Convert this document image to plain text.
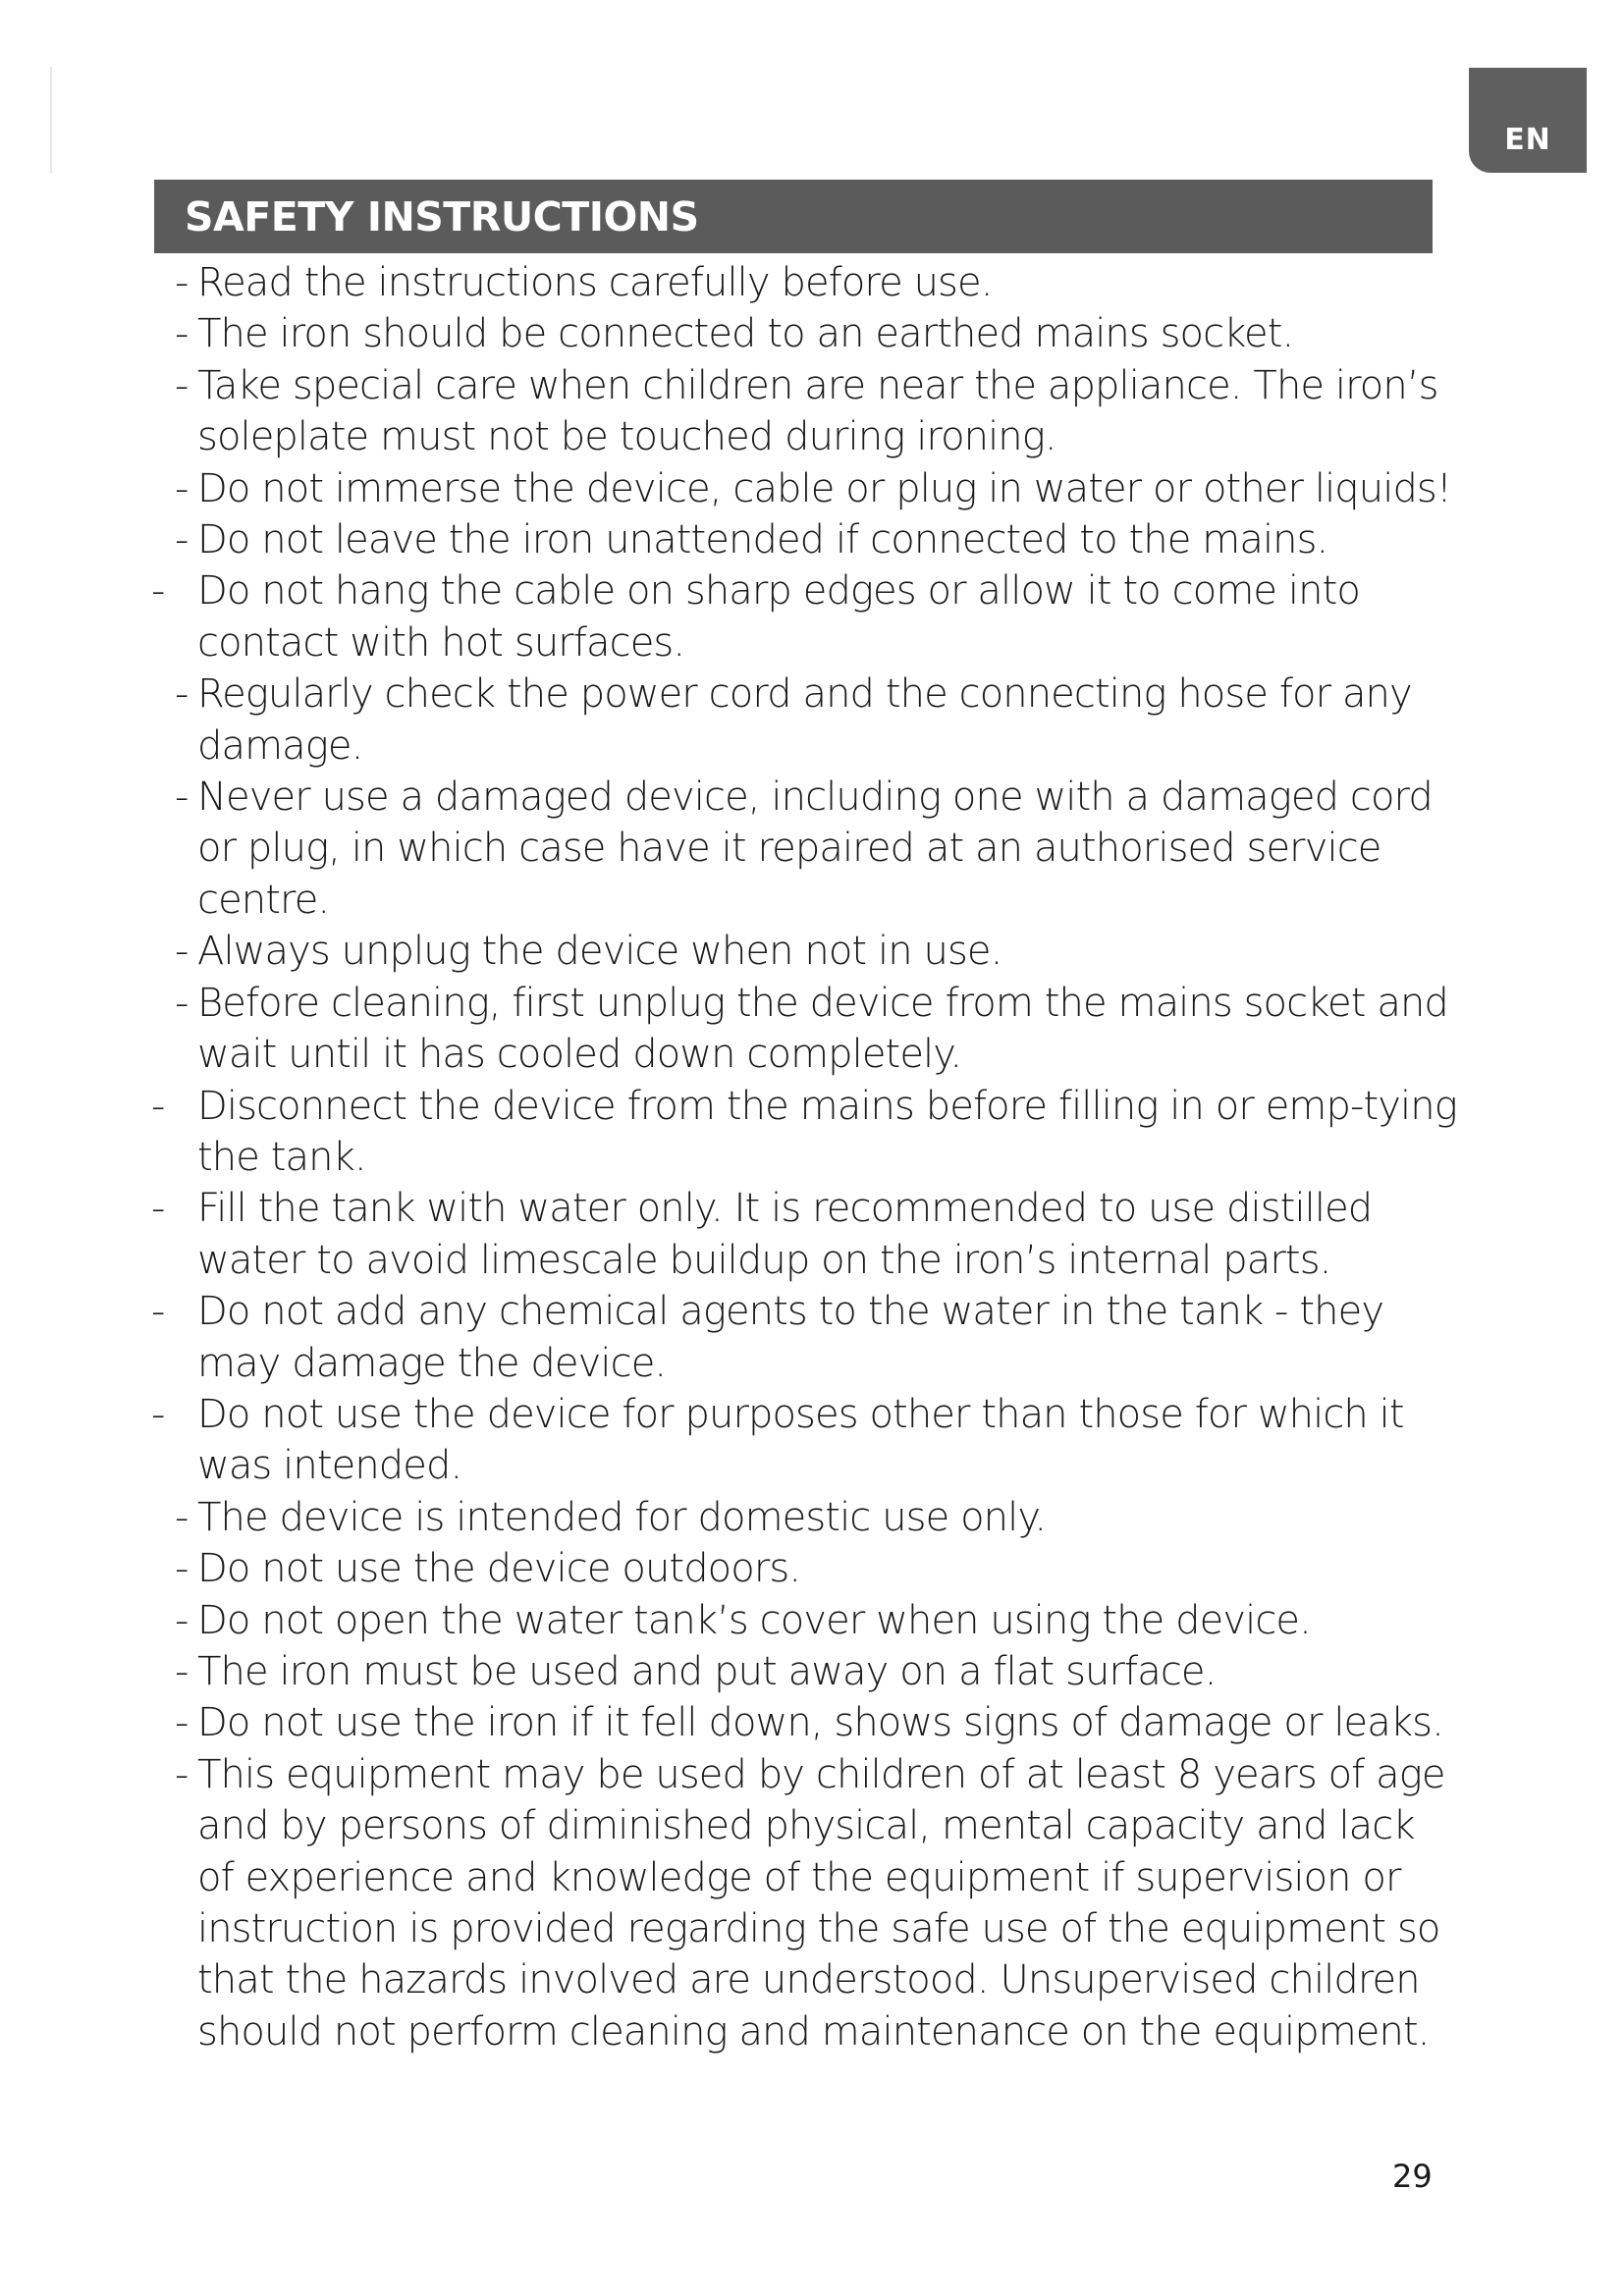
EN
SAFETY INSTRUCTIONS
- Read the instructions carefully before use.
- The iron should be connected to an earthed mains socket.
- Take special care when children are near the appliance. The iron’s soleplate must not be touched during ironing.
- Do not immerse the device, cable or plug in water or other liquids!
- Do not leave the iron unattended if connected to the mains.
- Do not hang the cable on sharp edges or allow it to come into contact with hot surfaces.
- Regularly check the power cord and the connecting hose for any damage.
- Never use a damaged device, including one with a damaged cord or plug, in which case have it repaired at an authorised service centre.
- Always unplug the device when not in use.
- Before cleaning, first unplug the device from the mains socket and wait until it has cooled down completely.
- Disconnect the device from the mains before filling in or emp-tying the tank.
- Fill the tank with water only. It is recommended to use distilled water to avoid limescale buildup on the iron’s internal parts.
- Do not add any chemical agents to the water in the tank - they may damage the device.
- Do not use the device for purposes other than those for which it was intended.
- The device is intended for domestic use only.
- Do not use the device outdoors.
- Do not open the water tank’s cover when using the device.
- The iron must be used and put away on a flat surface.
- Do not use the iron if it fell down, shows signs of damage or leaks.
- This equipment may be used by children of at least 8 years of age and by persons of diminished physical, mental capacity and lack of experience and knowledge of the equipment if supervision or instruction is provided regarding the safe use of the equipment so that the hazards involved are understood. Unsupervised children should not perform cleaning and maintenance on the equipment.
29
